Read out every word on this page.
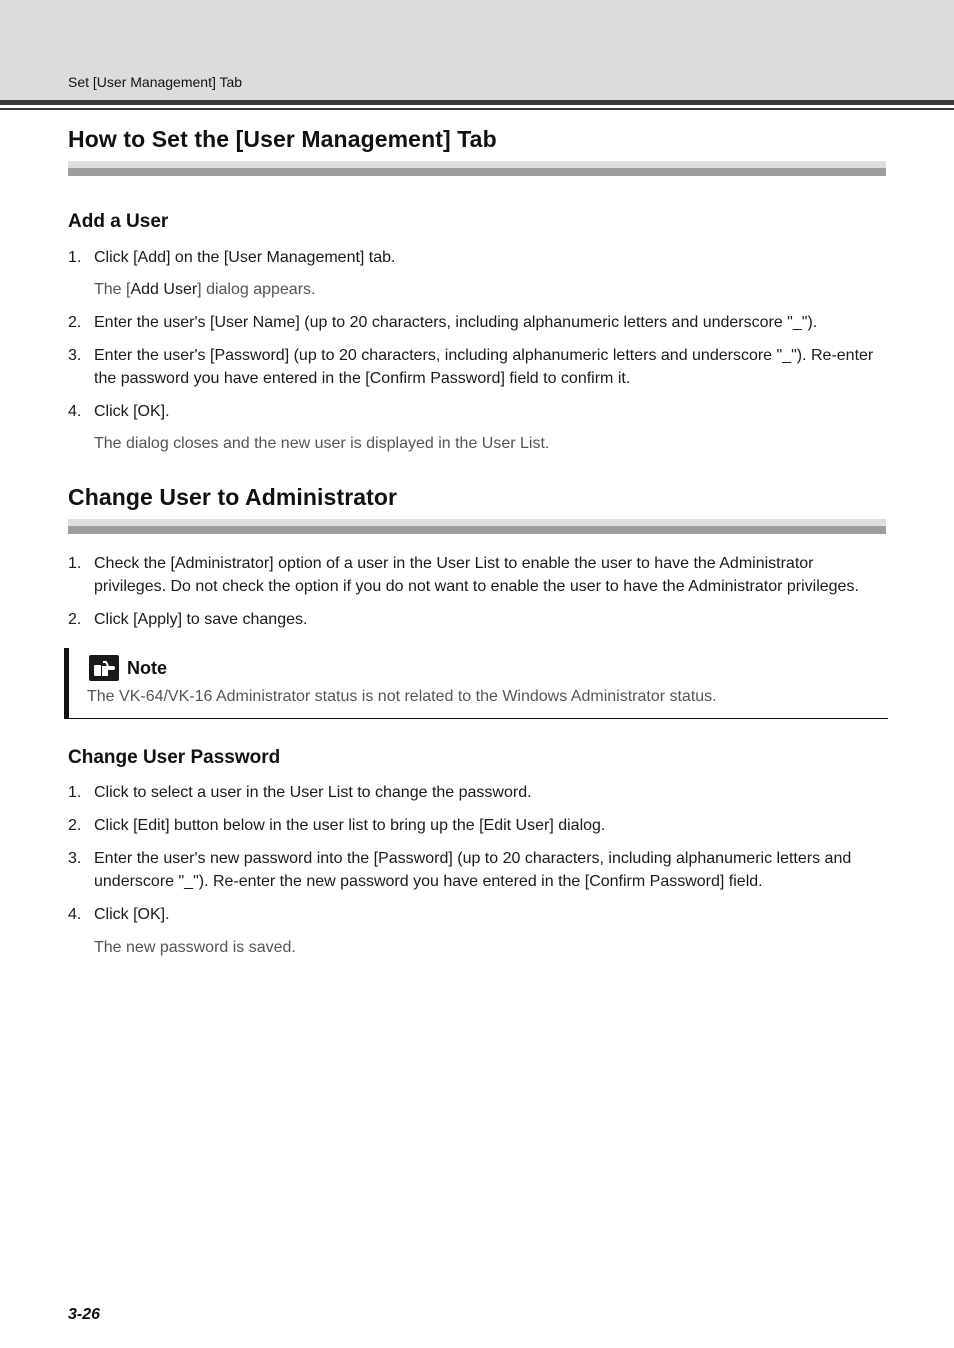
Set [User Management] Tab
How to Set the [User Management] Tab
Add a User
1. Click [Add] on the [User Management] tab.
The [Add User] dialog appears.
2. Enter the user's [User Name] (up to 20 characters, including alphanumeric letters and underscore "_").
3. Enter the user's [Password] (up to 20 characters, including alphanumeric letters and underscore "_"). Re-enter the password you have entered in the [Confirm Password] field to confirm it.
4. Click [OK].
The dialog closes and the new user is displayed in the User List.
Change User to Administrator
1. Check the [Administrator] option of a user in the User List to enable the user to have the Administrator privileges. Do not check the option if you do not want to enable the user to have the Administrator privileges.
2. Click [Apply] to save changes.
Note
The VK-64/VK-16 Administrator status is not related to the Windows Administrator status.
Change User Password
1. Click to select a user in the User List to change the password.
2. Click [Edit] button below in the user list to bring up the [Edit User] dialog.
3. Enter the user's new password into the [Password] (up to 20 characters, including alphanumeric letters and underscore "_"). Re-enter the new password you have entered in the [Confirm Password] field.
4. Click [OK].
The new password is saved.
3-26
